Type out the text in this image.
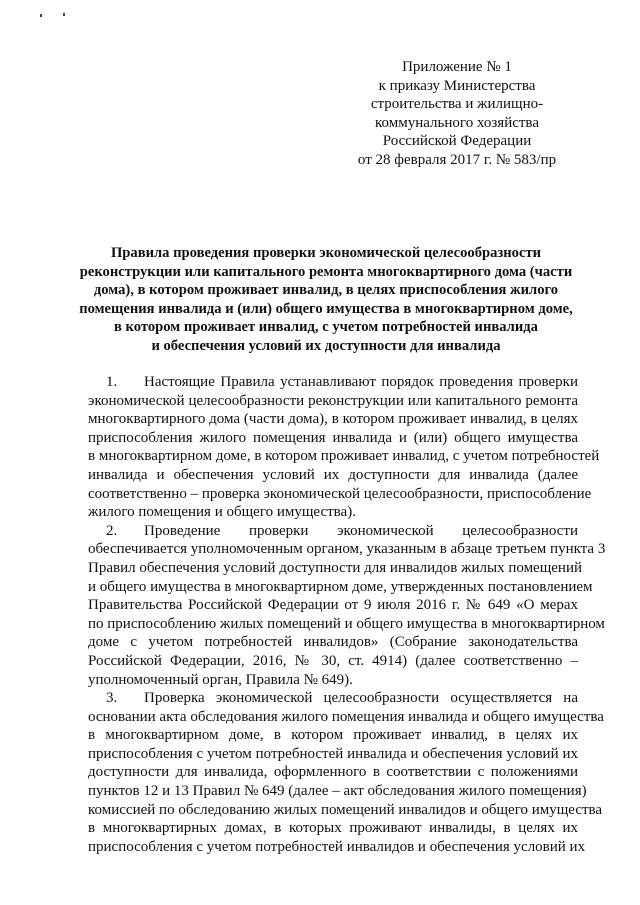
Приложение № 1
к приказу Министерства
строительства и жилищно-
коммунального хозяйства
Российской Федерации
от 28 февраля 2017 г. № 583/пр
Правила проведения проверки экономической целесообразности
реконструкции или капитального ремонта многоквартирного дома (части
дома), в котором проживает инвалид, в целях приспособления жилого
помещения инвалида и (или) общего имущества в многоквартирном доме,
в котором проживает инвалид, с учетом потребностей инвалида
и обеспечения условий их доступности для инвалида
1. Настоящие Правила устанавливают порядок проведения проверки
экономической целесообразности реконструкции или капитального ремонта
многоквартирного дома (части дома), в котором проживает инвалид, в целях
приспособления жилого помещения инвалида и (или) общего имущества
в многоквартирном доме, в котором проживает инвалид, с учетом потребностей
инвалида и обеспечения условий их доступности для инвалида (далее
соответственно – проверка экономической целесообразности, приспособление
жилого помещения и общего имущества).
2. Проведение проверки экономической целесообразности
обеспечивается уполномоченным органом, указанным в абзаце третьем пункта 3
Правил обеспечения условий доступности для инвалидов жилых помещений
и общего имущества в многоквартирном доме, утвержденных постановлением
Правительства Российской Федерации от 9 июля 2016 г. № 649 «О мерах
по приспособлению жилых помещений и общего имущества в многоквартирном
доме с учетом потребностей инвалидов» (Собрание законодательства
Российской Федерации, 2016, № 30, ст. 4914) (далее соответственно –
уполномоченный орган, Правила № 649).
3. Проверка экономической целесообразности осуществляется на
основании акта обследования жилого помещения инвалида и общего имущества
в многоквартирном доме, в котором проживает инвалид, в целях их
приспособления с учетом потребностей инвалида и обеспечения условий их
доступности для инвалида, оформленного в соответствии с положениями
пунктов 12 и 13 Правил № 649 (далее – акт обследования жилого помещения)
комиссией по обследованию жилых помещений инвалидов и общего имущества
в многоквартирных домах, в которых проживают инвалиды, в целях их
приспособления с учетом потребностей инвалидов и обеспечения условий их
